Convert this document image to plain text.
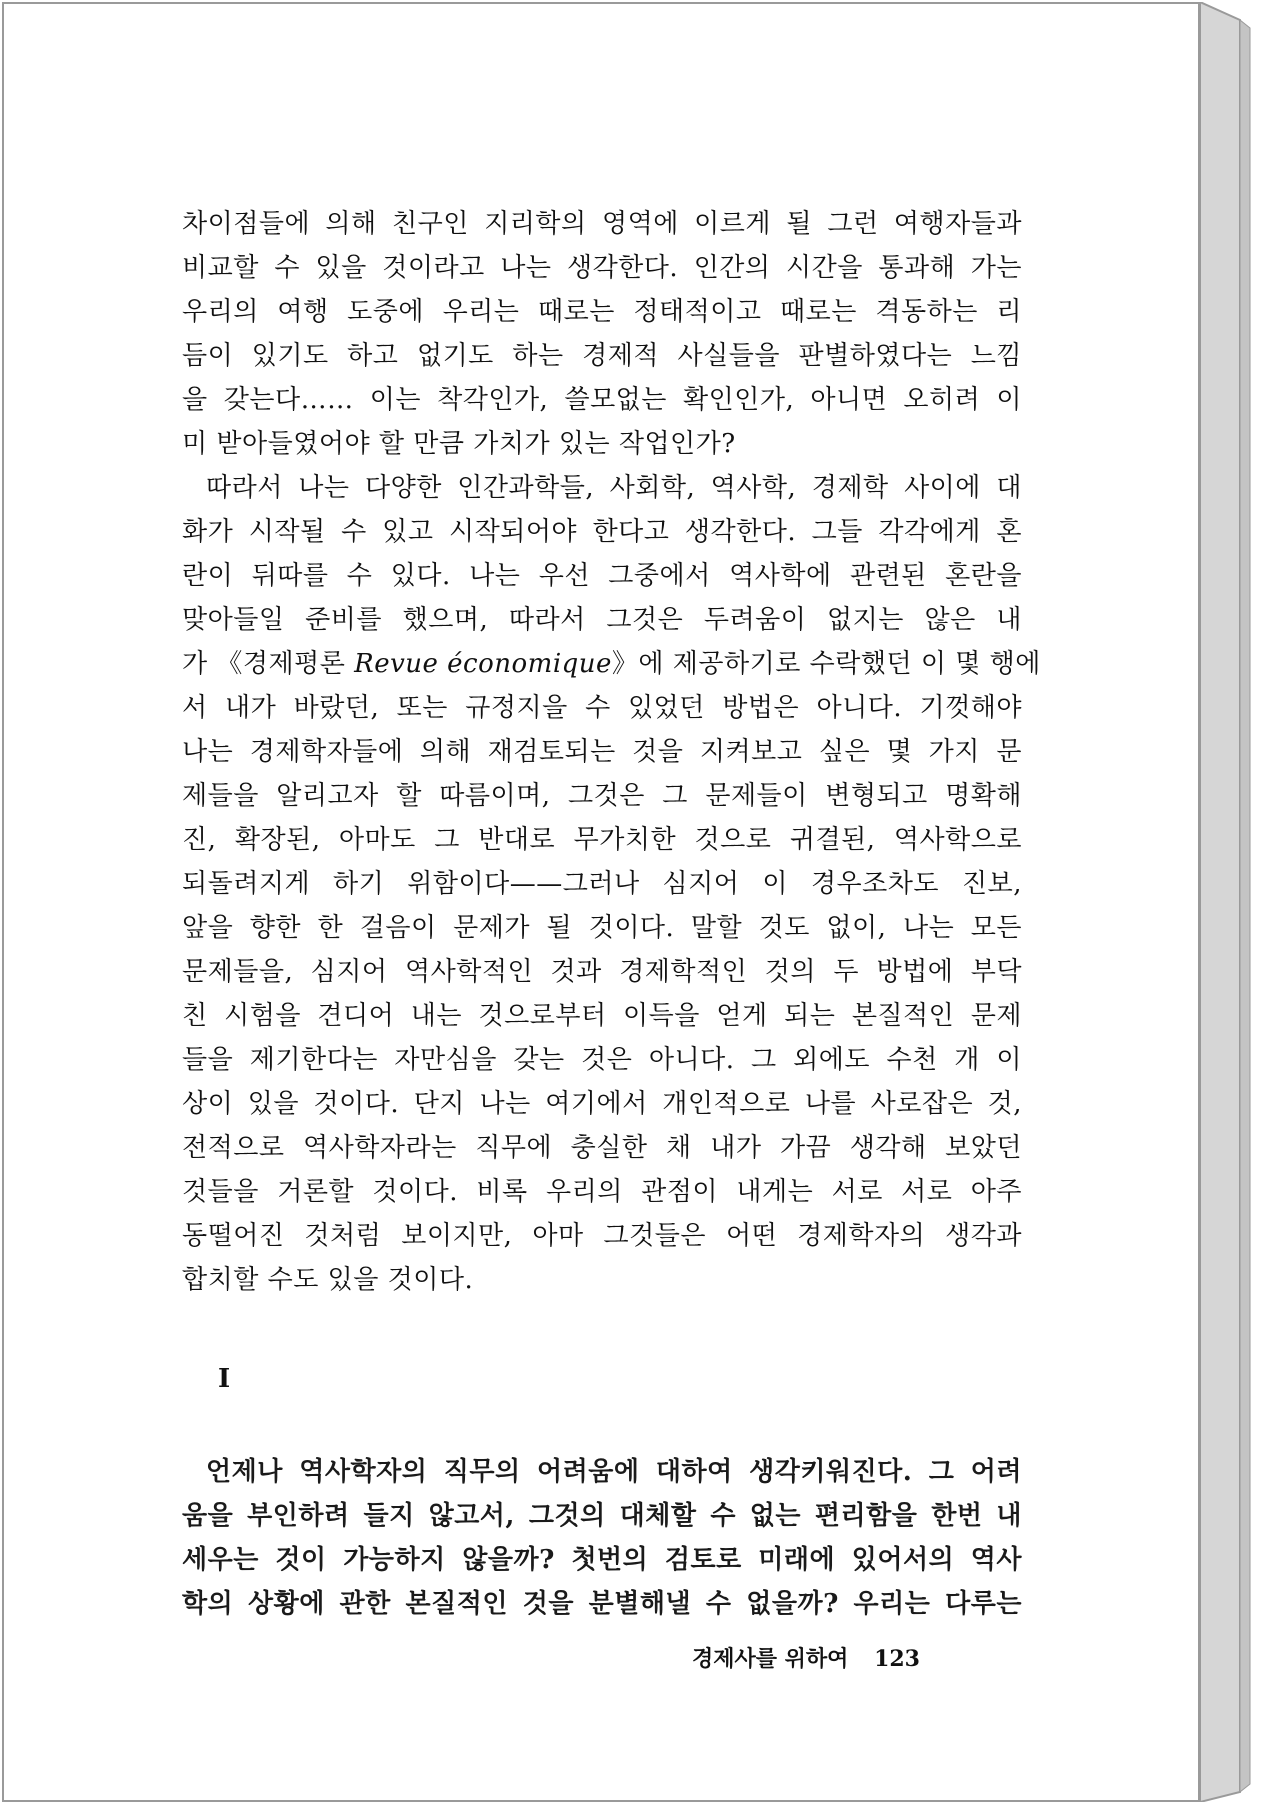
차이점들에 의해 친구인 지리학의 영역에 이르게 될 그런 여행자들과
비교할 수 있을 것이라고 나는 생각한다. 인간의 시간을 통과해 가는
우리의 여행 도중에 우리는 때로는 정태적이고 때로는 격동하는 리
듬이 있기도 하고 없기도 하는 경제적 사실들을 판별하였다는 느낌
을 갖는다…… 이는 착각인가, 쓸모없는 확인인가, 아니면 오히려 이
미 받아들였어야 할 만큼 가치가 있는 작업인가?
따라서 나는 다양한 인간과학들, 사회학, 역사학, 경제학 사이에 대
화가 시작될 수 있고 시작되어야 한다고 생각한다. 그들 각각에게 혼
란이 뒤따를 수 있다. 나는 우선 그중에서 역사학에 관련된 혼란을
맞아들일 준비를 했으며, 따라서 그것은 두려움이 없지는 않은 내
가 《경제평론 Revue économique》에 제공하기로 수락했던 이 몇 행에
서 내가 바랐던, 또는 규정지을 수 있었던 방법은 아니다. 기껏해야
나는 경제학자들에 의해 재검토되는 것을 지켜보고 싶은 몇 가지 문
제들을 알리고자 할 따름이며, 그것은 그 문제들이 변형되고 명확해
진, 확장된, 아마도 그 반대로 무가치한 것으로 귀결된, 역사학으로
되돌려지게 하기 위함이다——그러나 심지어 이 경우조차도 진보,
앞을 향한 한 걸음이 문제가 될 것이다. 말할 것도 없이, 나는 모든
문제들을, 심지어 역사학적인 것과 경제학적인 것의 두 방법에 부닥
친 시험을 견디어 내는 것으로부터 이득을 얻게 되는 본질적인 문제
들을 제기한다는 자만심을 갖는 것은 아니다. 그 외에도 수천 개 이
상이 있을 것이다. 단지 나는 여기에서 개인적으로 나를 사로잡은 것,
전적으로 역사학자라는 직무에 충실한 채 내가 가끔 생각해 보았던
것들을 거론할 것이다. 비록 우리의 관점이 내게는 서로 서로 아주
동떨어진 것처럼 보이지만, 아마 그것들은 어떤 경제학자의 생각과
합치할 수도 있을 것이다.
I
언제나 역사학자의 직무의 어려움에 대하여 생각키워진다. 그 어려
움을 부인하려 들지 않고서, 그것의 대체할 수 없는 편리함을 한번 내
세우는 것이 가능하지 않을까? 첫번의 검토로 미래에 있어서의 역사
학의 상황에 관한 본질적인 것을 분별해낼 수 없을까? 우리는 다루는
경제사를 위하여 123
